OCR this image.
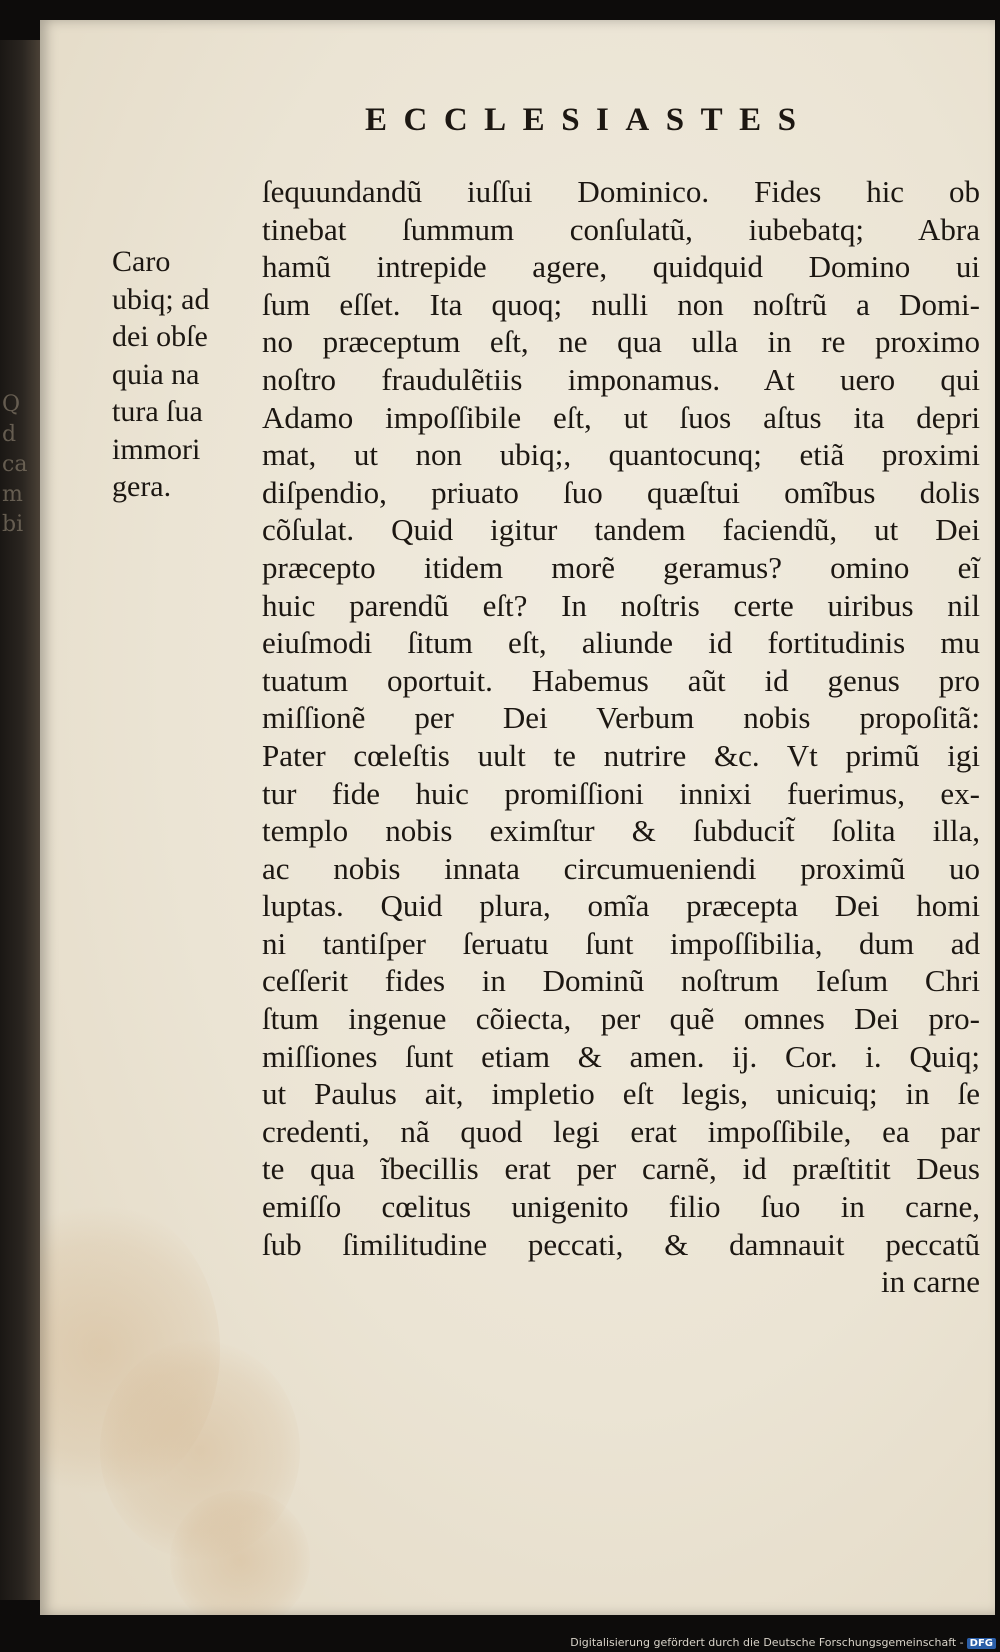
Q
d
ca
m
bi
ECCLESIASTES
Caro
ubiq; ad
dei obſe
quia na
tura ſua
immori
gera.
ſequundandũ iuſſui Dominico. Fides hic ob
tinebat ſummum conſulatũ, iubebatq; Abra
hamũ intrepide agere, quidquid Domino ui
ſum eſſet. Ita quoq; nulli non noſtrũ a Domi-
no præceptum eſt, ne qua ulla in re proximo
noſtro fraudulẽtiis imponamus. At uero qui
Adamo impoſſibile eſt, ut ſuos aſtus ita depri
mat, ut non ubiq;, quantocunq; etiã proximi
diſpendio, priuato ſuo quæſtui omĩbus dolis
cõſulat. Quid igitur tandem faciendũ, ut Dei
præcepto itidem morẽ geramus? omino eĩ
huic parendũ eſt? In noſtris certe uiribus nil
eiuſmodi ſitum eſt, aliunde id fortitudinis mu
tuatum oportuit. Habemus aũt id genus pro
miſſionẽ per Dei Verbum nobis propoſitã:
Pater cœleſtis uult te nutrire &c. Vt primũ igi
tur fide huic promiſſioni innixi fuerimus, ex-
templo nobis eximſtur & ſubducit̃ ſolita illa,
ac nobis innata circumueniendi proximũ uo
luptas. Quid plura, omĩa præcepta Dei homi
ni tantiſper ſeruatu ſunt impoſſibilia, dum ad
ceſſerit fides in Dominũ noſtrum Ieſum Chri
ſtum ingenue cõiecta, per quẽ omnes Dei pro-
miſſiones ſunt etiam & amen. ij. Cor. i. Quiq;
ut Paulus ait, impletio eſt legis, unicuiq; in ſe
credenti, nã quod legi erat impoſſibile, ea par
te qua ĩbecillis erat per carnẽ, id præſtitit Deus
emiſſo cœlitus unigenito filio ſuo in carne,
ſub ſimilitudine peccati, & damnauit peccatũ
in carne
Digitalisierung gefördert durch die Deutsche Forschungsgemeinschaft - DFG
